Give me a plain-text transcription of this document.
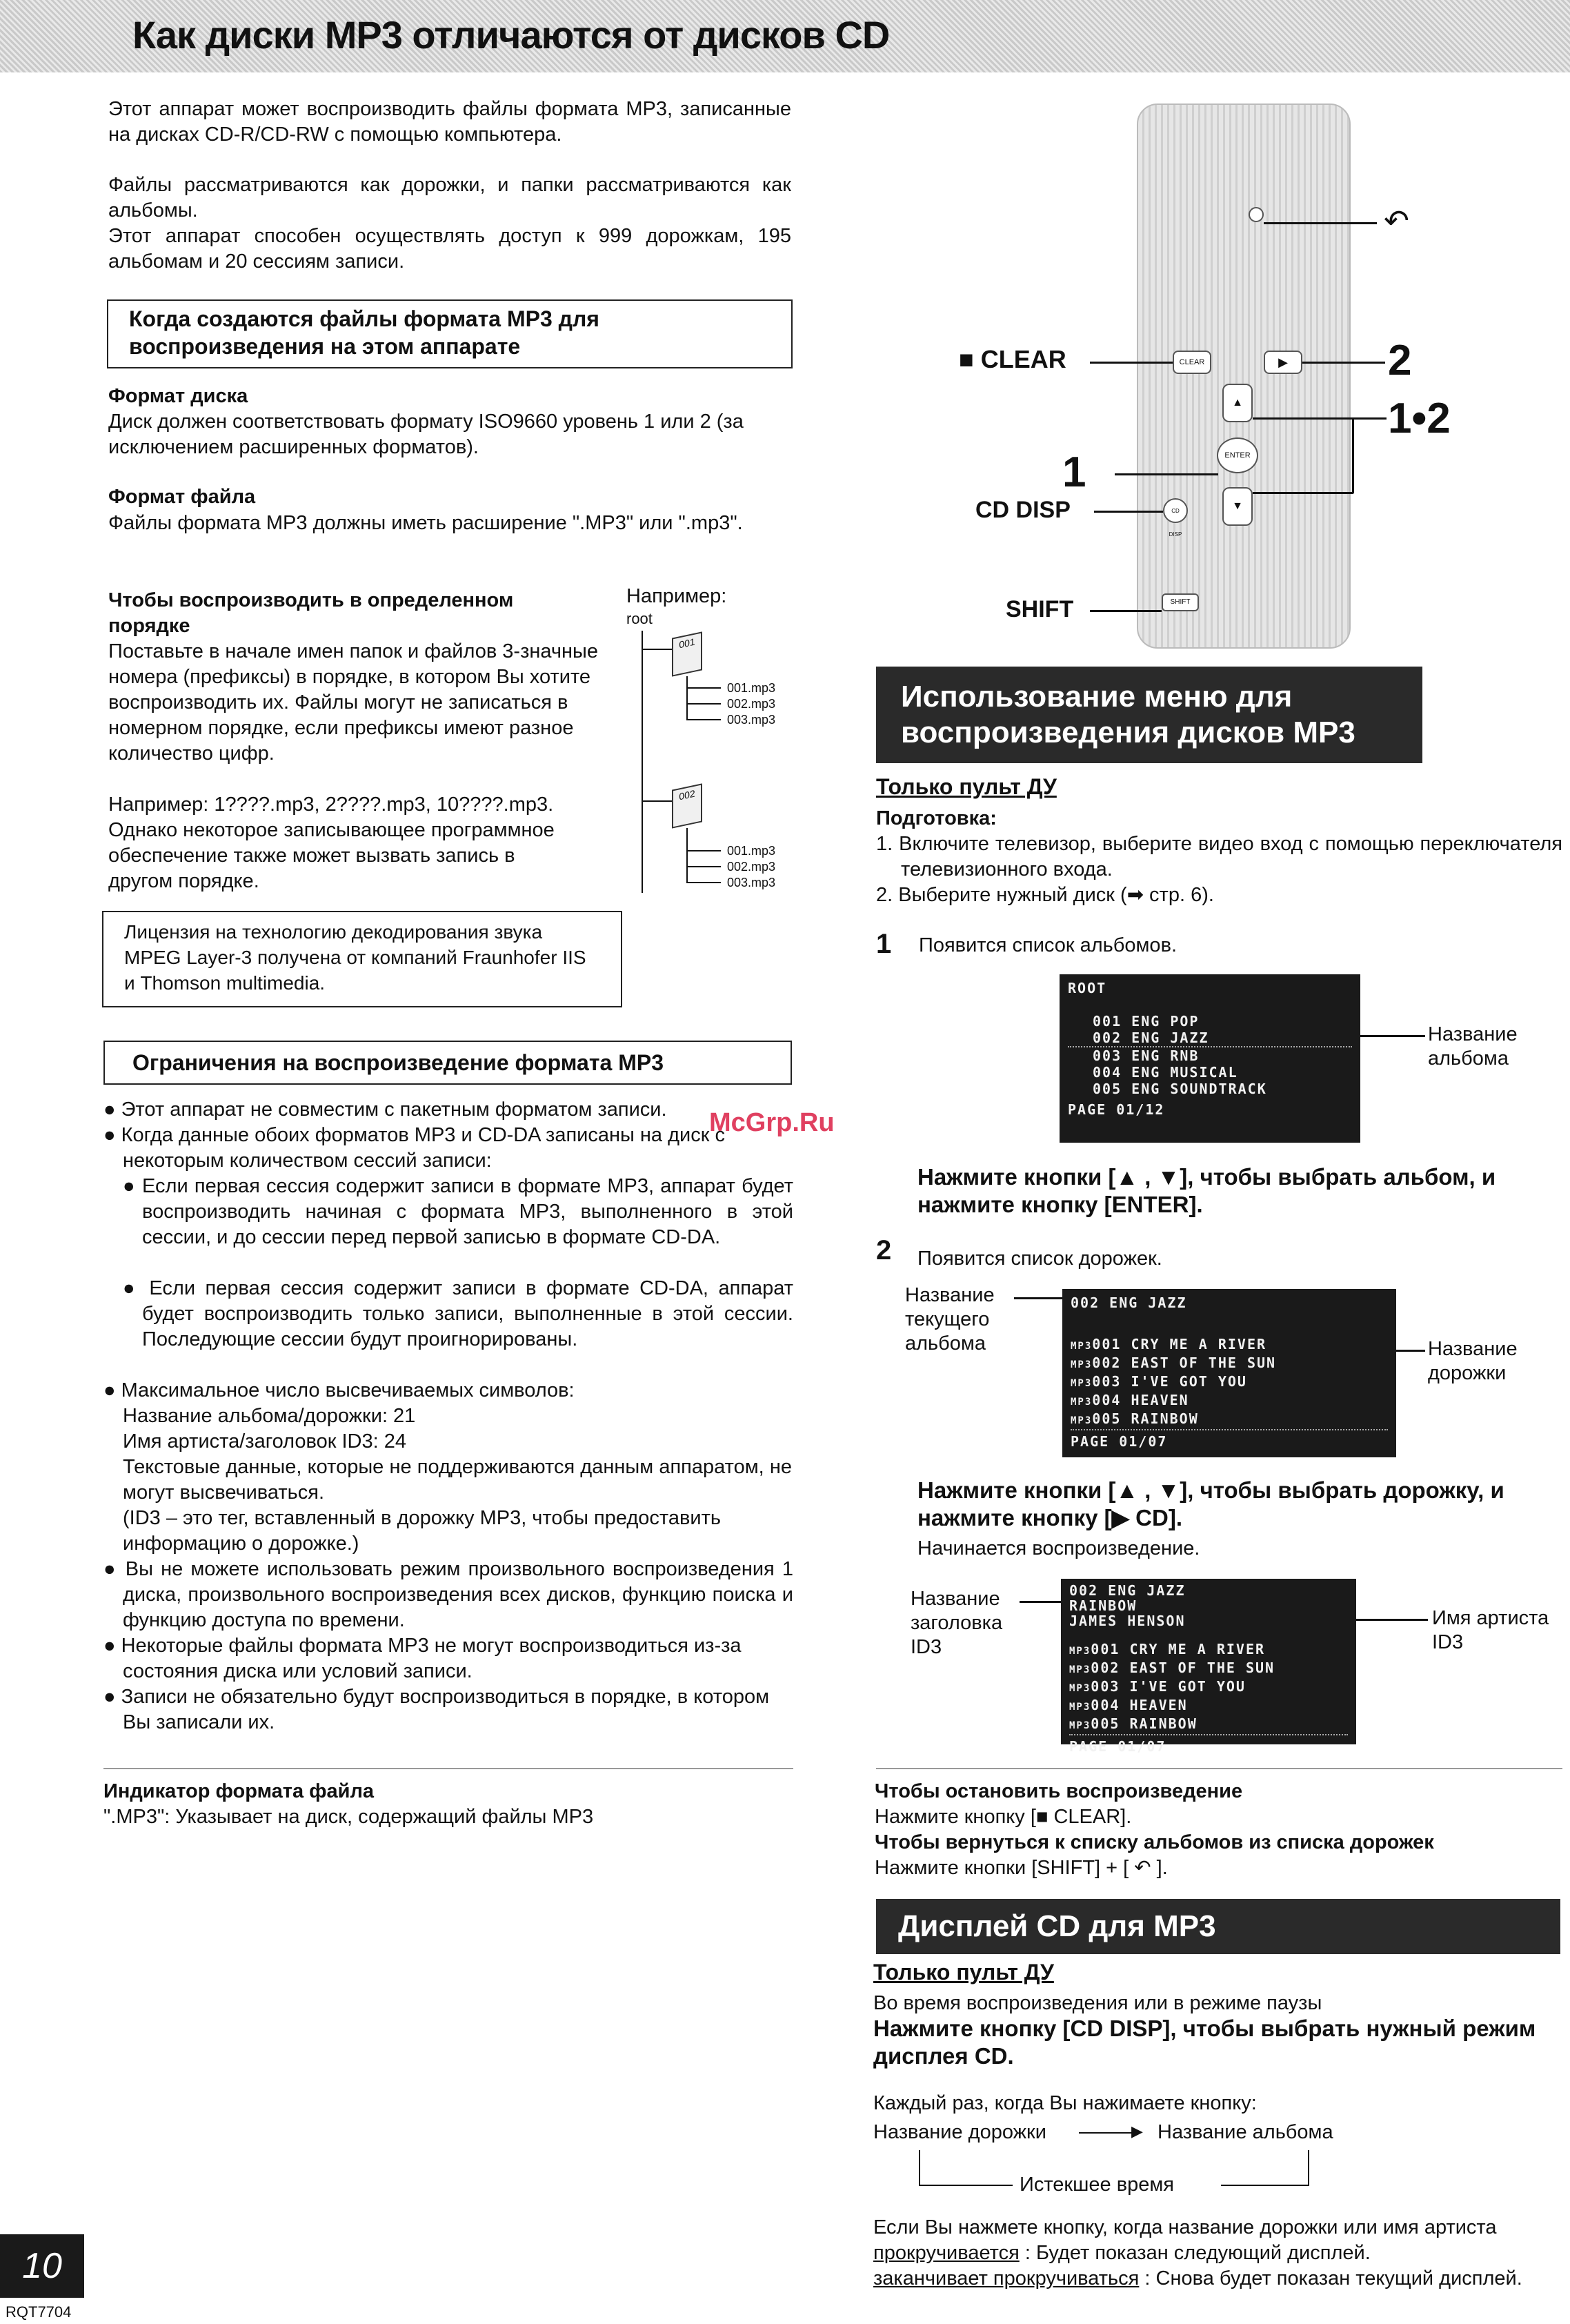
Как диски MP3 отличаются от дисков CD
Этот аппарат может воспроизводить файлы формата MP3, записанные на дисках CD-R/CD-RW с помощью компьютера.
Файлы рассматриваются как дорожки, и папки рассматриваются как альбомы.
Этот аппарат способен осуществлять доступ к 999 дорожкам, 195 альбомам и 20 сессиям записи.
Когда создаются файлы формата MP3 для воспроизведения на этом аппарате
Формат диска
Диск должен соответствовать формату ISO9660 уровень 1 или 2 (за исключением расширенных форматов).
Формат файла
Файлы формата MP3 должны иметь расширение ".MP3" или ".mp3".
Чтобы воспроизводить в определенном порядке
Поставьте в начале имен папок и файлов 3-значные номера (префиксы) в порядке, в котором Вы хотите воспроизводить их. Файлы могут не записаться в номерном порядке, если префиксы имеют разное количество цифр.
Например: 1????.mp3, 2????.mp3, 10????.mp3.
Однако некоторое записывающее программное обеспечение также может вызвать запись в другом порядке.
Например:
root
001
001.mp3
002.mp3
003.mp3
002
001.mp3
002.mp3
003.mp3
Лицензия на технологию декодирования звука MPEG Layer-3 получена от компаний Fraunhofer IIS и Thomson multimedia.
Ограничения на воспроизведение формата MP3
● Этот аппарат не совместим с пакетным форматом записи.
● Когда данные обоих форматов MP3 и CD-DA записаны на диск с некоторым количеством сессий записи:
● Если первая сессия содержит записи в формате MP3, аппарат будет воспроизводить начиная с формата MP3, выполненного в этой сессии, и до сессии перед первой записью в формате CD-DA.
● Если первая сессия содержит записи в формате CD-DA, аппарат будет воспроизводить только записи, выполненные в этой сессии. Последующие сессии будут проигнорированы.
● Максимальное число высвечиваемых символов:
Название альбома/дорожки: 21
Имя артиста/заголовок ID3: 24
Текстовые данные, которые не поддерживаются данным аппаратом, не могут высвечиваться.
(ID3 – это тег, вставленный в дорожку MP3, чтобы предоставить информацию о дорожке.)
● Вы не можете использовать режим произвольного воспроизведения 1 диска, произвольного воспроизведения всех дисков, функцию поиска и функцию доступа по времени.
● Некоторые файлы формата MP3 не могут воспроизводиться из-за состояния диска или условий записи.
● Записи не обязательно будут воспроизводиться в порядке, в котором Вы записали их.
Индикатор формата файла
".MP3": Указывает на диск, содержащий файлы MP3
McGrp.Ru
↶
CLEAR
■ CLEAR	▶	2
▲
ENTER
▼
1•2
1
CD DISP
CD DISP
SHIFT
SHIFT
Использование меню для
воспроизведения дисков MP3
Только пульт ДУ
Подготовка:
1. Включите телевизор, выберите видео вход с помощью переключателя телевизионного входа.
2. Выберите нужный диск (➡ стр. 6).
1 Появится список альбомов.
ROOT
001 ENG POP
002 ENG JAZZ
003 ENG RNB
004 ENG MUSICAL
005 ENG SOUNDTRACK
PAGE 01/12
Название альбома
Нажмите кнопки [▲ , ▼], чтобы выбрать альбом, и нажмите кнопку [ENTER].
2 Появится список дорожек.
Название текущего альбома
002 ENG JAZZ
MP3001 CRY ME A RIVER
MP3002 EAST OF THE SUN
MP3003 I'VE GOT YOU
MP3004 HEAVEN
MP3005 RAINBOW
PAGE 01/07
Название дорожки
Нажмите кнопки [▲ , ▼], чтобы выбрать дорожку, и нажмите кнопку [▶ CD].
Начинается воспроизведение.
Название заголовка ID3
002 ENG JAZZ
RAINBOW
JAMES HENSON
MP3001 CRY ME A RIVER
MP3002 EAST OF THE SUN
MP3003 I'VE GOT YOU
MP3004 HEAVEN
MP3005 RAINBOW
PAGE 01/07
Имя артиста ID3
Чтобы остановить воспроизведение
Нажмите кнопку [■ CLEAR].
Чтобы вернуться к списку альбомов из списка дорожек
Нажмите кнопки [SHIFT] + [ ↶ ].
Дисплей CD для MP3
Только пульт ДУ
Во время воспроизведения или в режиме паузы
Нажмите кнопку [CD DISP], чтобы выбрать нужный режим дисплея CD.
Каждый раз, когда Вы нажимаете кнопку:
Название дорожки	▶ Название альбома
Истекшее время
Если Вы нажмете кнопку, когда название дорожки или имя артиста
прокручивается : Будет показан следующий дисплей.
заканчивает прокручиваться : Снова будет показан текущий дисплей.
10
RQT7704
